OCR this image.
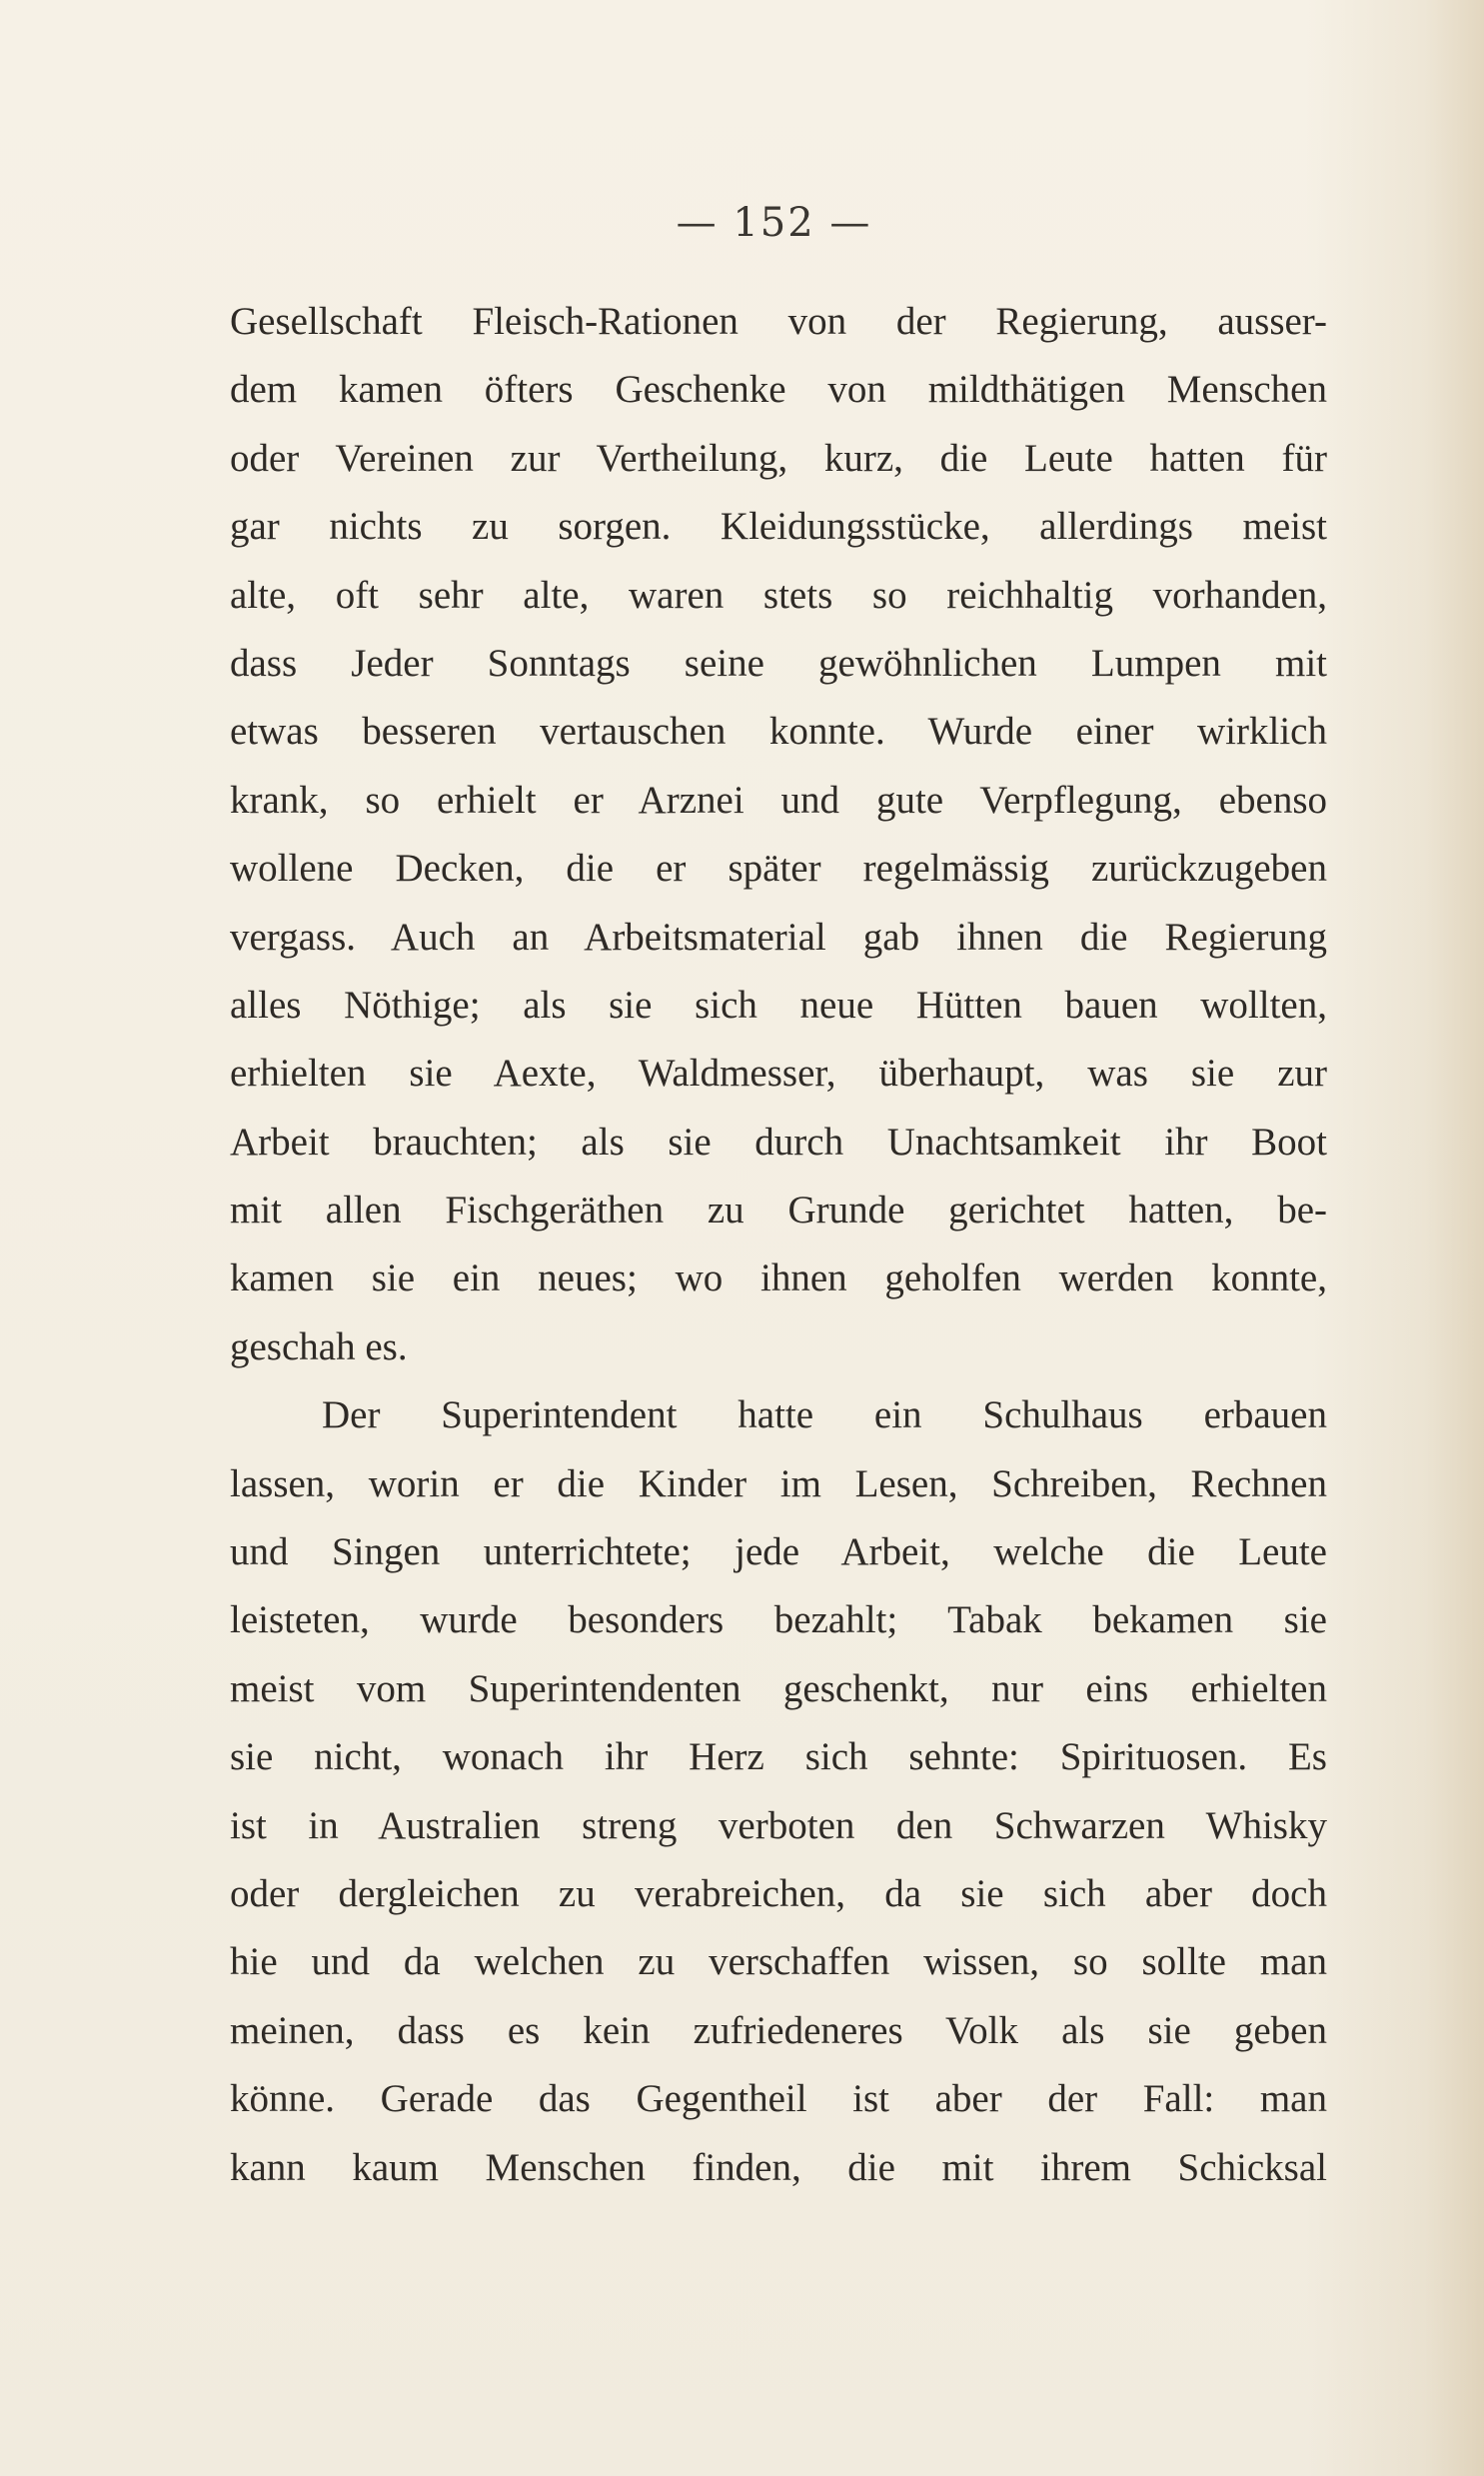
— 152 —
Gesellschaft Fleisch-Rationen von der Regierung, ausser-
dem kamen öfters Geschenke von mildthätigen Menschen
oder Vereinen zur Vertheilung, kurz, die Leute hatten für
gar nichts zu sorgen. Kleidungsstücke, allerdings meist
alte, oft sehr alte, waren stets so reichhaltig vorhanden,
dass Jeder Sonntags seine gewöhnlichen Lumpen mit
etwas besseren vertauschen konnte. Wurde einer wirklich
krank, so erhielt er Arznei und gute Verpflegung, ebenso
wollene Decken, die er später regelmässig zurückzugeben
vergass. Auch an Arbeitsmaterial gab ihnen die Regierung
alles Nöthige; als sie sich neue Hütten bauen wollten,
erhielten sie Aexte, Waldmesser, überhaupt, was sie zur
Arbeit brauchten; als sie durch Unachtsamkeit ihr Boot
mit allen Fischgeräthen zu Grunde gerichtet hatten, be-
kamen sie ein neues; wo ihnen geholfen werden konnte,
geschah es.
Der Superintendent hatte ein Schulhaus erbauen
lassen, worin er die Kinder im Lesen, Schreiben, Rechnen
und Singen unterrichtete; jede Arbeit, welche die Leute
leisteten, wurde besonders bezahlt; Tabak bekamen sie
meist vom Superintendenten geschenkt, nur eins erhielten
sie nicht, wonach ihr Herz sich sehnte: Spirituosen. Es
ist in Australien streng verboten den Schwarzen Whisky
oder dergleichen zu verabreichen, da sie sich aber doch
hie und da welchen zu verschaffen wissen, so sollte man
meinen, dass es kein zufriedeneres Volk als sie geben
könne. Gerade das Gegentheil ist aber der Fall: man
kann kaum Menschen finden, die mit ihrem Schicksal
